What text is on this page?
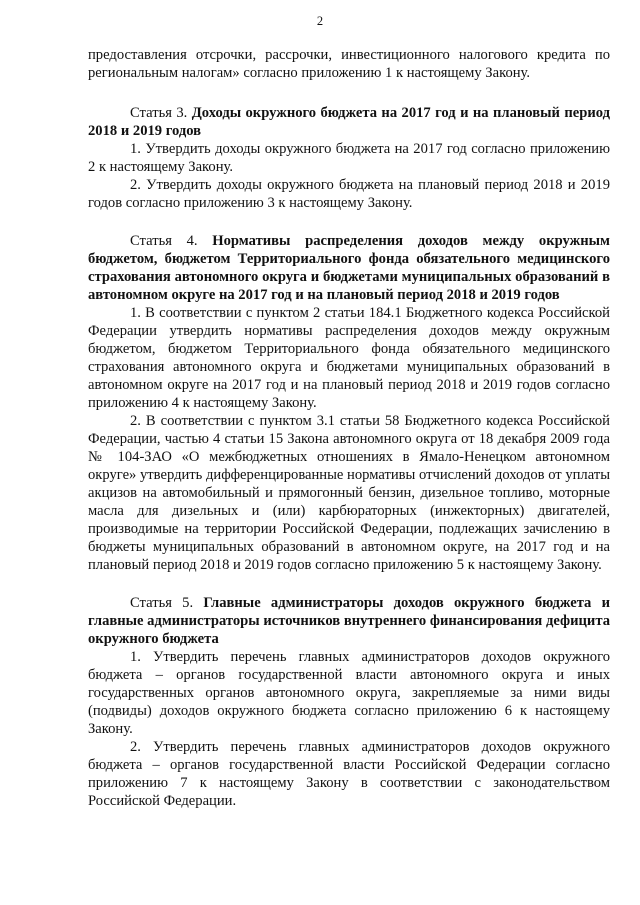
2

предоставления отсрочки, рассрочки, инвестиционного налогового кредита по региональным налогам» согласно приложению 1 к настоящему Закону.

Статья 3. Доходы окружного бюджета на 2017 год и на плановый период 2018 и 2019 годов

1. Утвердить доходы окружного бюджета на 2017 год согласно приложению 2 к настоящему Закону.

2. Утвердить доходы окружного бюджета на плановый период 2018 и 2019 годов согласно приложению 3 к настоящему Закону.

Статья 4. Нормативы распределения доходов между окружным бюджетом, бюджетом Территориального фонда обязательного медицинского страхования автономного округа и бюджетами муниципальных образований в автономном округе на 2017 год и на плановый период 2018 и 2019 годов

1. В соответствии с пунктом 2 статьи 184.1 Бюджетного кодекса Российской Федерации утвердить нормативы распределения доходов между окружным бюджетом, бюджетом Территориального фонда обязательного медицинского страхования автономного округа и бюджетами муниципальных образований в автономном округе на 2017 год и на плановый период 2018 и 2019 годов согласно приложению 4 к настоящему Закону.

2. В соответствии с пунктом 3.1 статьи 58 Бюджетного кодекса Российской Федерации, частью 4 статьи 15 Закона автономного округа от 18 декабря 2009 года № 104-ЗАО «О межбюджетных отношениях в Ямало-Ненецком автономном округе» утвердить дифференцированные нормативы отчислений доходов от уплаты акцизов на автомобильный и прямогонный бензин, дизельное топливо, моторные масла для дизельных и (или) карбюраторных (инжекторных) двигателей, производимые на территории Российской Федерации, подлежащих зачислению в бюджеты муниципальных образований в автономном округе, на 2017 год и на плановый период 2018 и 2019 годов согласно приложению 5 к настоящему Закону.

Статья 5. Главные администраторы доходов окружного бюджета и главные администраторы источников внутреннего финансирования дефицита окружного бюджета

1. Утвердить перечень главных администраторов доходов окружного бюджета – органов государственной власти автономного округа и иных государственных органов автономного округа, закрепляемые за ними виды (подвиды) доходов окружного бюджета согласно приложению 6 к настоящему Закону.

2. Утвердить перечень главных администраторов доходов окружного бюджета – органов государственной власти Российской Федерации согласно приложению 7 к настоящему Закону в соответствии с законодательством Российской Федерации.
